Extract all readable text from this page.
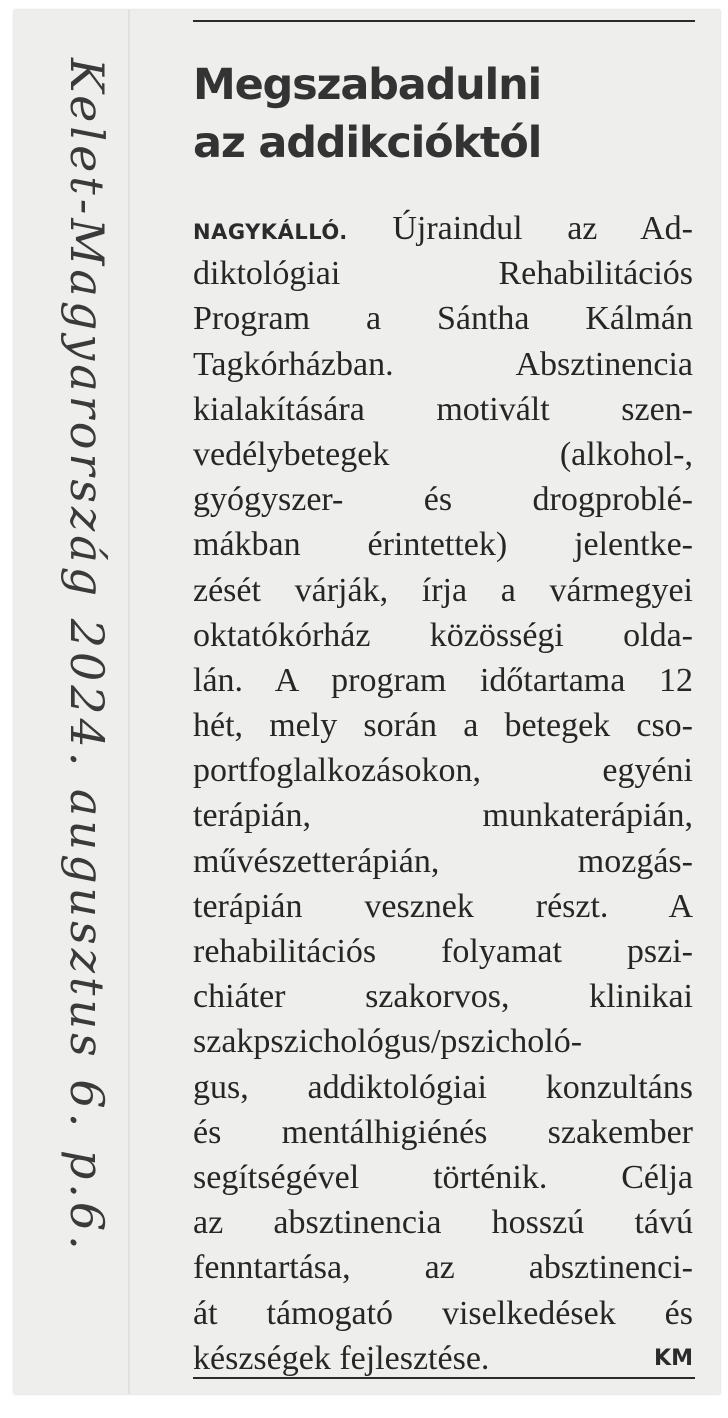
Kelet-Magyarország 2024. augusztus 6. p.6. Megszabadulni
az addikcióktól
NAGYKÁLLÓ. Újraindul az Ad-
diktológiai Rehabilitációs
Program a Sántha Kálmán
Tagkórházban. Absztinencia
kialakítására motivált szen-
vedélybetegek (alkohol-,
gyógyszer- és drogproblé-
mákban érintettek) jelentke-
zését várják, írja a vármegyei
oktatókórház közösségi olda-
lán. A program időtartama 12
hét, mely során a betegek cso-
portfoglalkozásokon, egyéni
terápián, munkaterápián,
művészetterápián, mozgás-
terápián vesznek részt. A
rehabilitációs folyamat pszi-
chiáter szakorvos, klinikai
szakpszichológus/pszicholó-
gus, addiktológiai konzultáns
és mentálhigiénés szakember
segítségével történik. Célja
az absztinencia hosszú távú
fenntartása, az absztinenci-
át támogató viselkedések és
készségek fejlesztése.	KM
